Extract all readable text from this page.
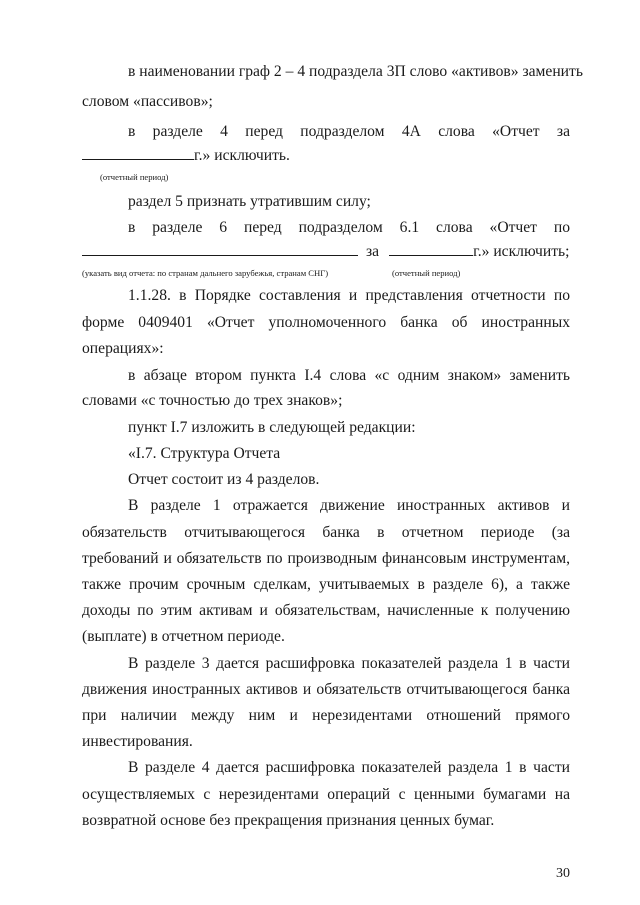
в наименовании граф 2 – 4 подраздела 3П слово «активов» заменить
словом «пассивов»;
в разделе 4 перед подразделом 4А слова «Отчет за
г.» исключить.
(отчетный период)
раздел 5 признать утратившим силу;
в разделе 6 перед подразделом 6.1 слова «Отчет по
за	г.» исключить;
(указать вид отчета: по странам дальнего зарубежья, странам СНГ)	(отчетный период)
1.1.28. в Порядке составления и представления отчетности по
форме 0409401 «Отчет уполномоченного банка об иностранных
операциях»:
в абзаце втором пункта I.4 слова «с одним знаком» заменить
словами «с точностью до трех знаков»;
пункт I.7 изложить в следующей редакции:
«I.7. Структура Отчета
Отчет состоит из 4 разделов.
В разделе 1 отражается движение иностранных активов и
обязательств отчитывающегося банка в отчетном периоде (за
требований и обязательств по производным финансовым инструментам,
также прочим срочным сделкам, учитываемых в разделе 6), а также
доходы по этим активам и обязательствам, начисленные к получению
(выплате) в отчетном периоде.
В разделе 3 дается расшифровка показателей раздела 1 в части
движения иностранных активов и обязательств отчитывающегося банка
при наличии между ним и нерезидентами отношений прямого
инвестирования.
В разделе 4 дается расшифровка показателей раздела 1 в части
осуществляемых с нерезидентами операций с ценными бумагами на
возвратной основе без прекращения признания ценных бумаг.
30
